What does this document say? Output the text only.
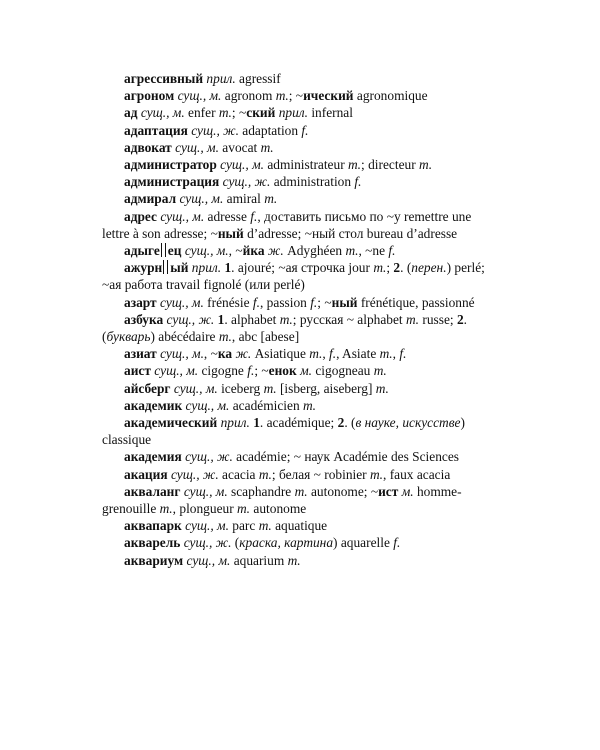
агрессивный прил. agressif

агроном сущ., м. agronom m.; ~ический agronomique

ад сущ., м. enfer m.; ~ский прил. infernal

адаптация сущ., ж. adaptation f.

адвокат сущ., м. avocat m.

администратор сущ., м. administrateur m.; directeur m.

администрация сущ., ж. administration f.

адмирал сущ., м. amiral m.

адрес сущ., м. adresse f., доставить письмо по ~у remettre une lettre à son adresse; ~ный d’adresse; ~ный стол bureau d’adresse

адыге ец сущ., м., ~йка ж. Adyghéen m., ~ne f.

ажурн ый прил. 1. ajouré; ~ая строчка jour m.; 2. (перен.) perlé; ~ая работа travail fignolé (или perlé)

азарт сущ., м. frénésie f., passion f.; ~ный frénétique, passionné

азбука сущ., ж. 1. alphabet m.; русская ~ alphabet m. russe; 2. (букварь) abécédaire m., abc [abese]

азиат сущ., м., ~ка ж. Asiatique m., f., Asiate m., f.

аист сущ., м. cigogne f.; ~енок м. cigogneau m.

айсберг сущ., м. iceberg m. [isberg, aiseberg] m.

академик сущ., м. académicien m.

академический прил. 1. académique; 2. (в науке, искусстве) classique

академия сущ., ж. académie; ~ наук Académie des Sciences

акация сущ., ж. acacia m.; белая ~ robinier m., faux acacia

акваланг сущ., м. scaphandre m. autonome; ~ист м. homme-grenouille m., plongueur m. autonome

аквапарк сущ., м. parc m. aquatique

акварель сущ., ж. (краска, картина) aquarelle f.

аквариум сущ., м. aquarium m.
